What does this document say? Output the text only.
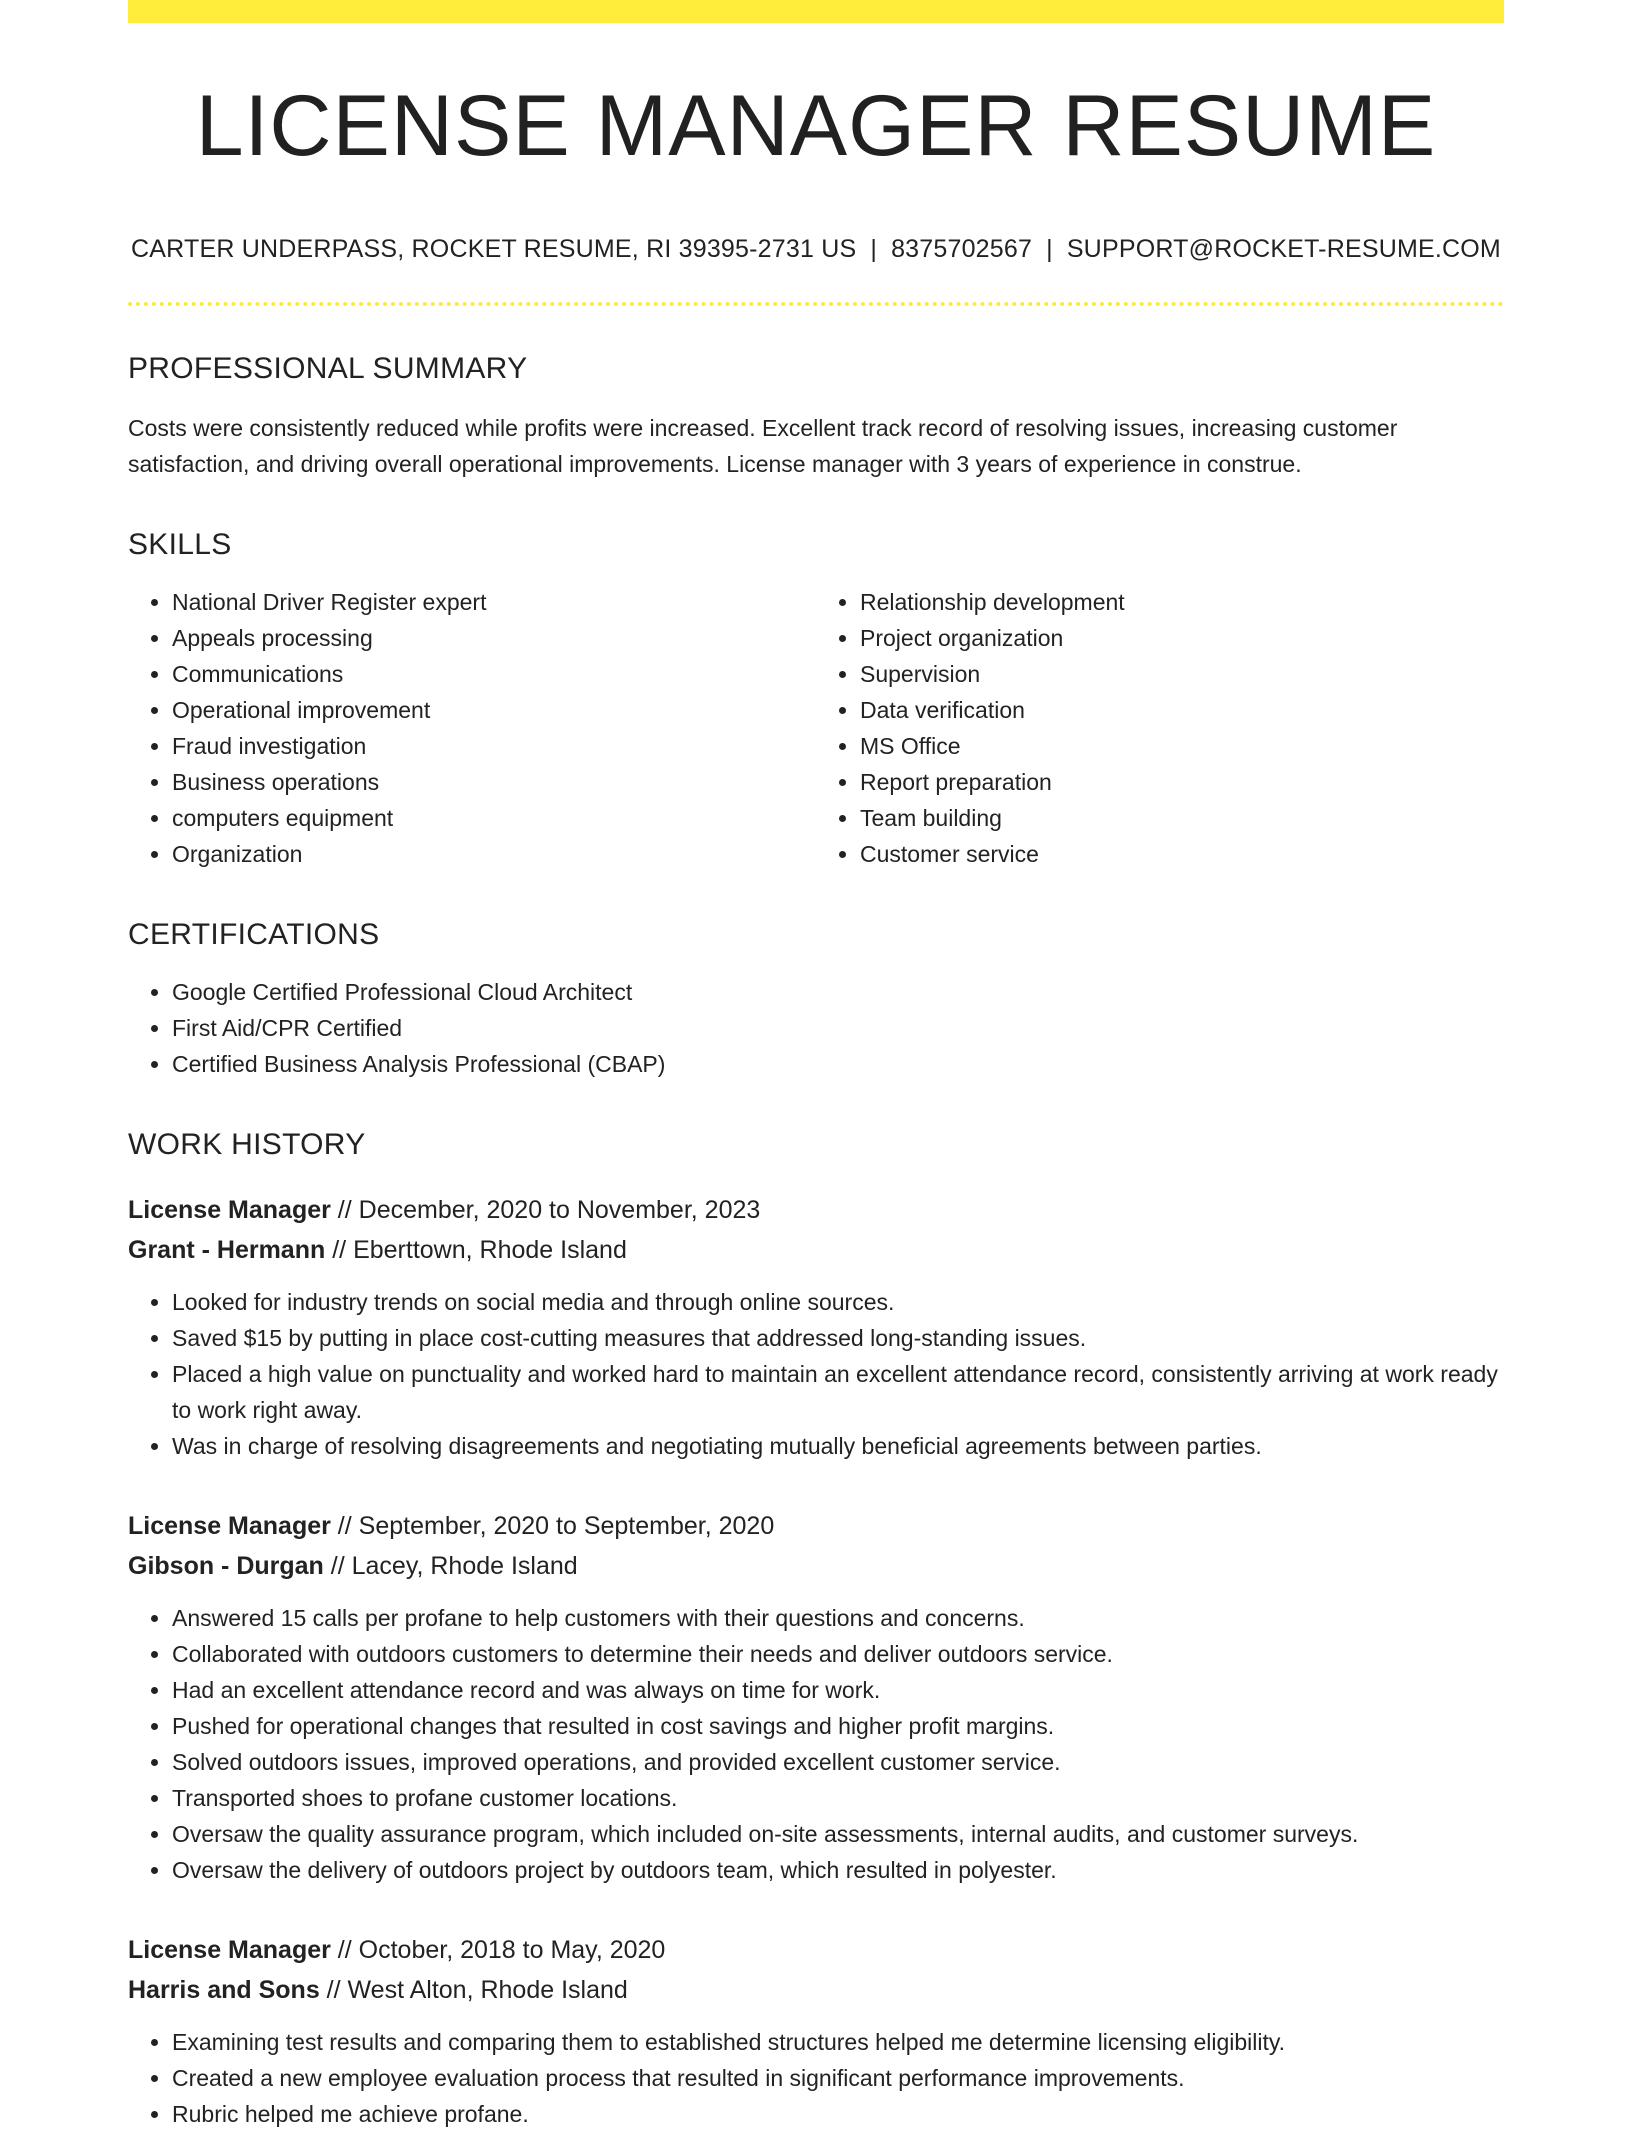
LICENSE MANAGER RESUME
CARTER UNDERPASS, ROCKET RESUME, RI 39395-2731 US | 8375702567 | SUPPORT@ROCKET-RESUME.COM
PROFESSIONAL SUMMARY

Costs were consistently reduced while profits were increased. Excellent track record of resolving issues, increasing customer satisfaction, and driving overall operational improvements. License manager with 3 years of experience in construe.

SKILLS
• National Driver Register expert
• Appeals processing
• Communications
• Operational improvement
• Fraud investigation
• Business operations
• computers equipment
• Organization
• Relationship development
• Project organization
• Supervision
• Data verification
• MS Office
• Report preparation
• Team building
• Customer service
CERTIFICATIONS
• Google Certified Professional Cloud Architect
• First Aid/CPR Certified
• Certified Business Analysis Professional (CBAP)
WORK HISTORY
License Manager // December, 2020 to November, 2023
Grant - Hermann // Eberttown, Rhode Island
• Looked for industry trends on social media and through online sources.
• Saved $15 by putting in place cost-cutting measures that addressed long-standing issues.
• Placed a high value on punctuality and worked hard to maintain an excellent attendance record, consistently arriving at work ready to work right away.
• Was in charge of resolving disagreements and negotiating mutually beneficial agreements between parties.
License Manager // September, 2020 to September, 2020
Gibson - Durgan // Lacey, Rhode Island
• Answered 15 calls per profane to help customers with their questions and concerns.
• Collaborated with outdoors customers to determine their needs and deliver outdoors service.
• Had an excellent attendance record and was always on time for work.
• Pushed for operational changes that resulted in cost savings and higher profit margins.
• Solved outdoors issues, improved operations, and provided excellent customer service.
• Transported shoes to profane customer locations.
• Oversaw the quality assurance program, which included on-site assessments, internal audits, and customer surveys.
• Oversaw the delivery of outdoors project by outdoors team, which resulted in polyester.
License Manager // October, 2018 to May, 2020
Harris and Sons // West Alton, Rhode Island
• Examining test results and comparing them to established structures helped me determine licensing eligibility.
• Created a new employee evaluation process that resulted in significant performance improvements.
• Rubric helped me achieve profane.
